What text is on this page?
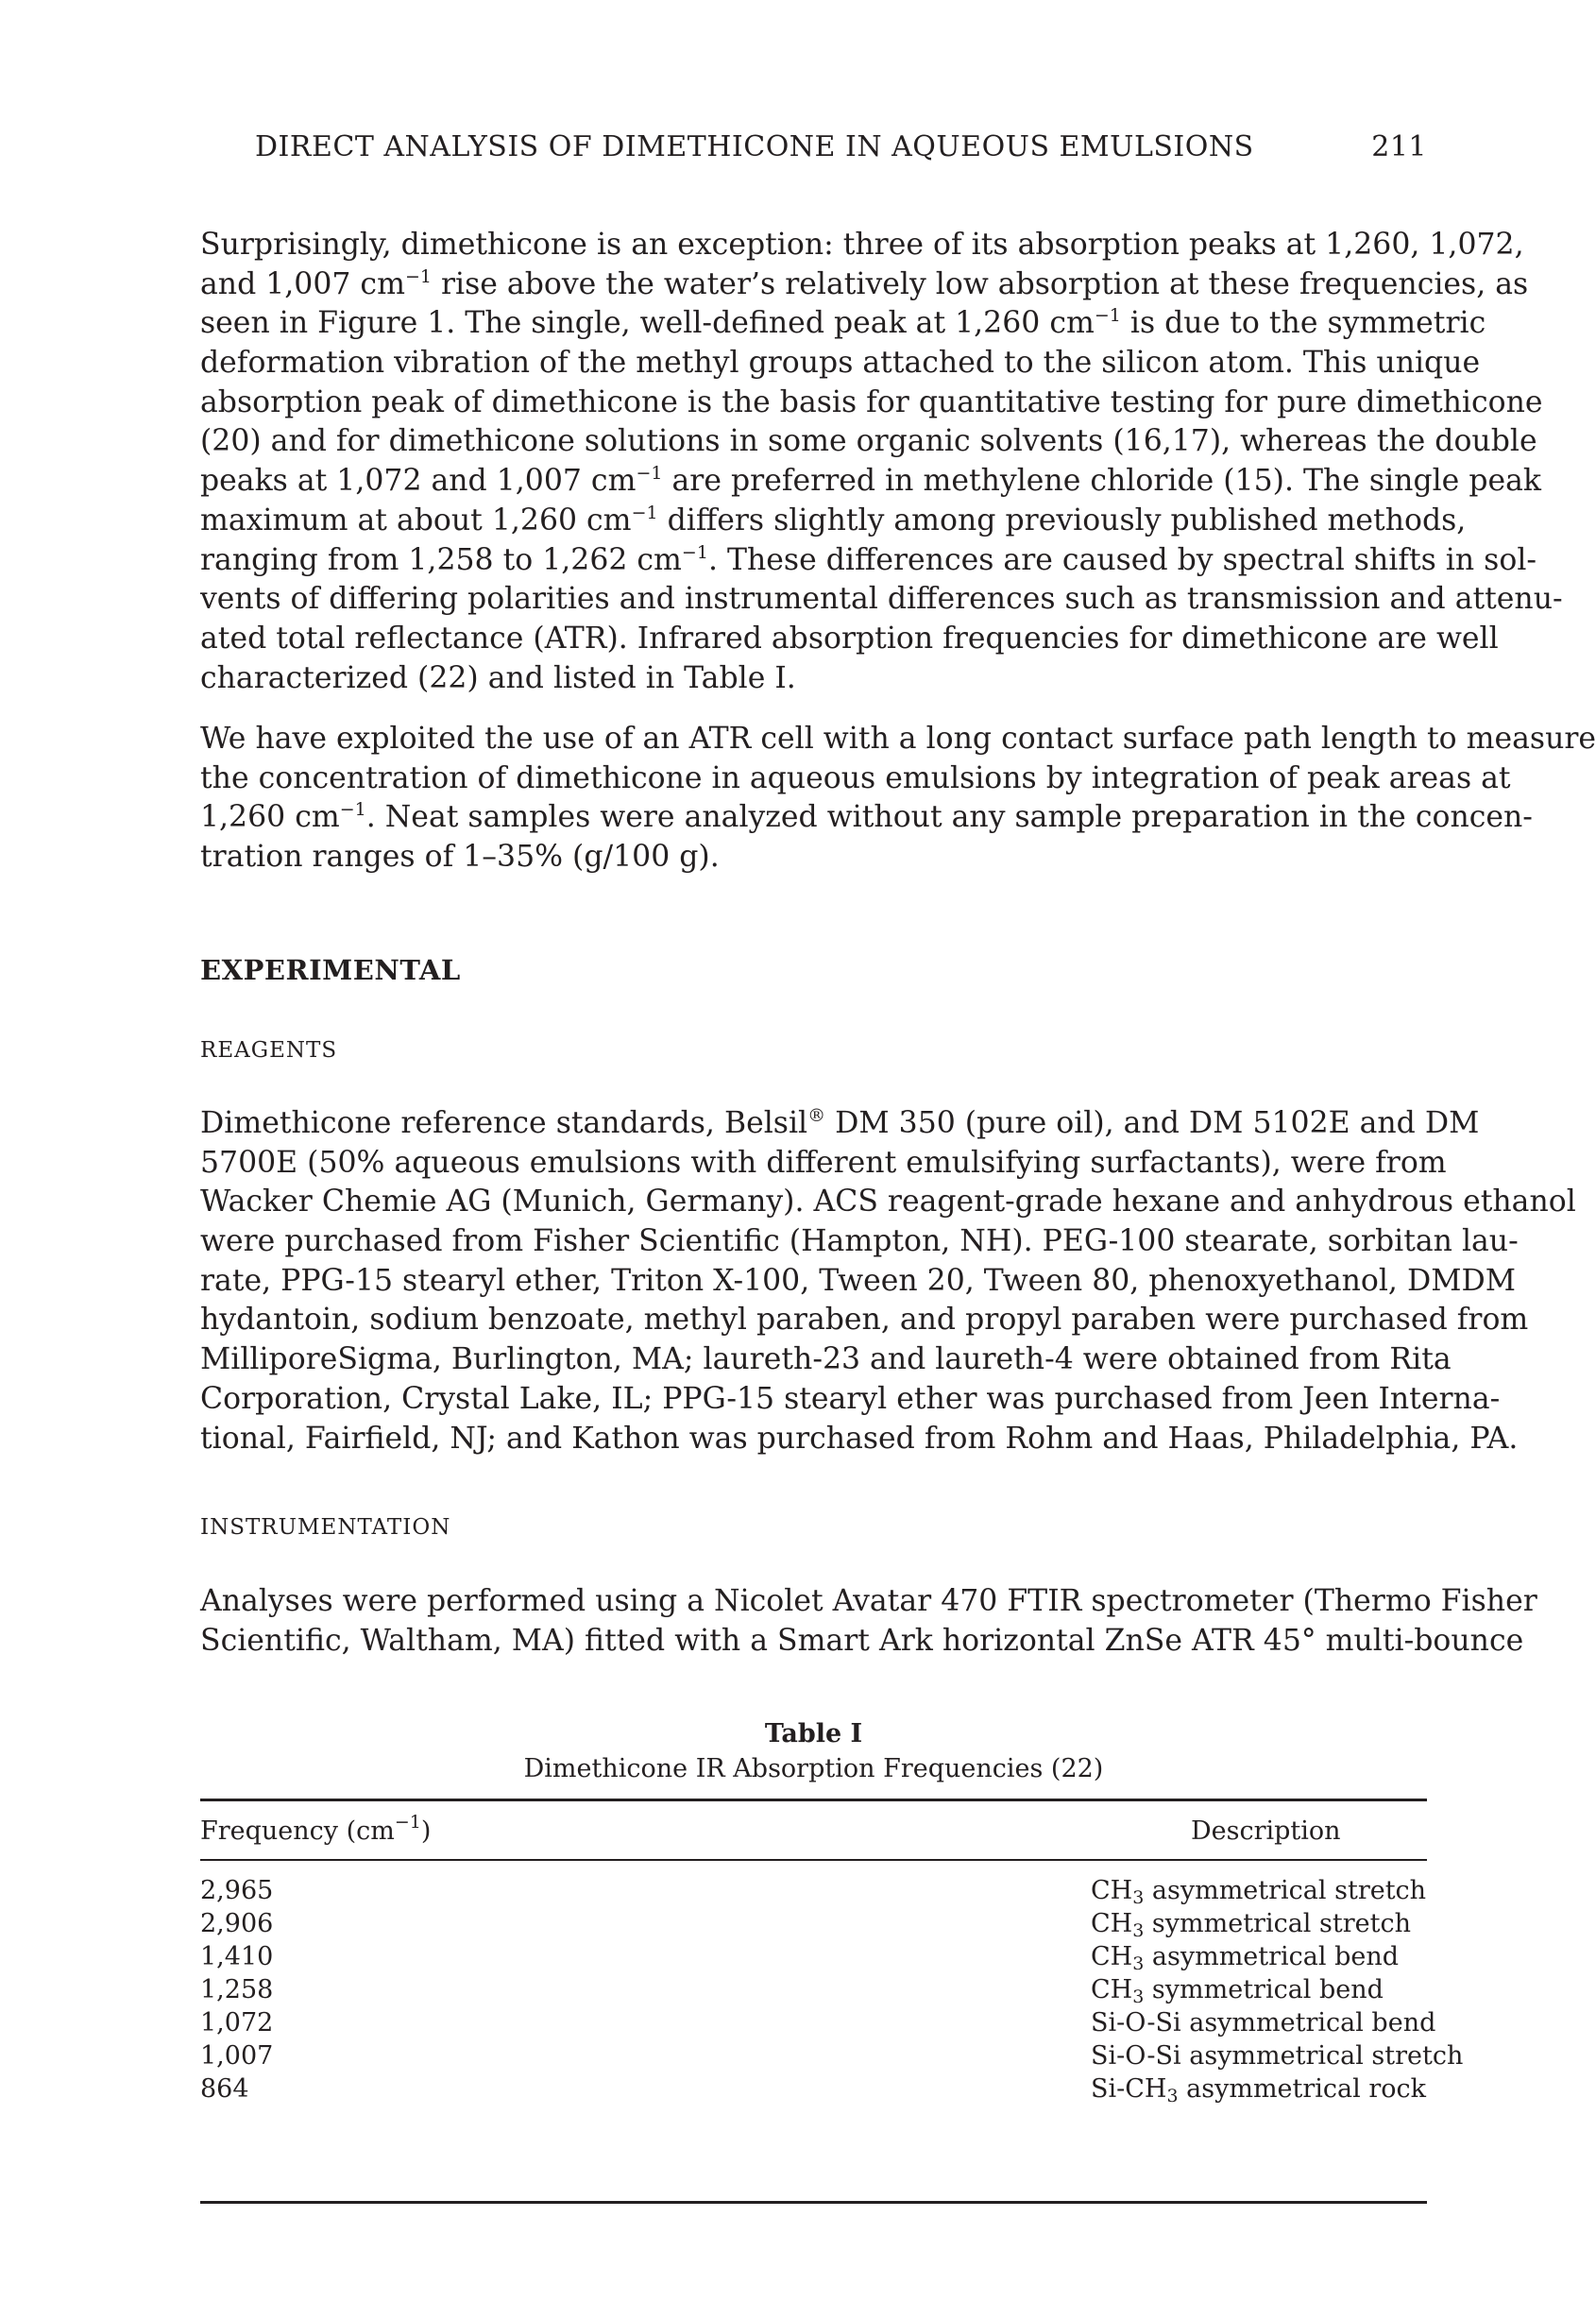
DIRECT ANALYSIS OF DIMETHICONE IN AQUEOUS EMULSIONS	211
Surprisingly, dimethicone is an exception: three of its absorption peaks at 1,260, 1,072,
and 1,007 $cm^{-1}$ rise above the water’s relatively low absorption at these frequencies, as
seen in Figure 1. The single, well-defined peak at 1,260 $cm^{-1}$ is due to the symmetric
deformation vibration of the methyl groups attached to the silicon atom. This unique
absorption peak of dimethicone is the basis for quantitative testing for pure dimethicone
(20) and for dimethicone solutions in some organic solvents (16,17), whereas the double
peaks at 1,072 and 1,007 $cm^{-1}$ are preferred in methylene chloride (15). The single peak
maximum at about 1,260 $cm^{-1}$ differs slightly among previously published methods,
ranging from 1,258 to 1,262 $cm^{-1}$. These differences are caused by spectral shifts in sol-
vents of differing polarities and instrumental differences such as transmission and attenu-
ated total reflectance (ATR). Infrared absorption frequencies for dimethicone are well
characterized (22) and listed in Table I.
We have exploited the use of an ATR cell with a long contact surface path length to measure
the concentration of dimethicone in aqueous emulsions by integration of peak areas at
1,260 $cm^{-1}$. Neat samples were analyzed without any sample preparation in the concen-
tration ranges of 1–35% (g/100 g).
EXPERIMENTAL
REAGENTS
Dimethicone reference standards, Belsil® DM 350 (pure oil), and DM 5102E and DM
5700E (50% aqueous emulsions with different emulsifying surfactants), were from
Wacker Chemie AG (Munich, Germany). ACS reagent-grade hexane and anhydrous ethanol
were purchased from Fisher Scientific (Hampton, NH). PEG-100 stearate, sorbitan lau-
rate, PPG-15 stearyl ether, Triton X-100, Tween 20, Tween 80, phenoxyethanol, DMDM
hydantoin, sodium benzoate, methyl paraben, and propyl paraben were purchased from
MilliporeSigma, Burlington, MA; laureth-23 and laureth-4 were obtained from Rita
Corporation, Crystal Lake, IL; PPG-15 stearyl ether was purchased from Jeen Interna-
tional, Fairfield, NJ; and Kathon was purchased from Rohm and Haas, Philadelphia, PA.
INSTRUMENTATION
Analyses were performed using a Nicolet Avatar 470 FTIR spectrometer (Thermo Fisher
Scientific, Waltham, MA) fitted with a Smart Ark horizontal ZnSe ATR 45° multi-bounce
Table I
Dimethicone IR Absorption Frequencies (22)
Frequency $(cm^{-1})$	Description
2,965	$CH_3$ asymmetrical stretch
2,906	$CH_3$ symmetrical stretch
1,410	$CH_3$ asymmetrical bend
1,258	$CH_3$ symmetrical bend
1,072	Si-O-Si asymmetrical bend
1,007	Si-O-Si asymmetrical stretch
864	$Si-CH_3$ asymmetrical rock
